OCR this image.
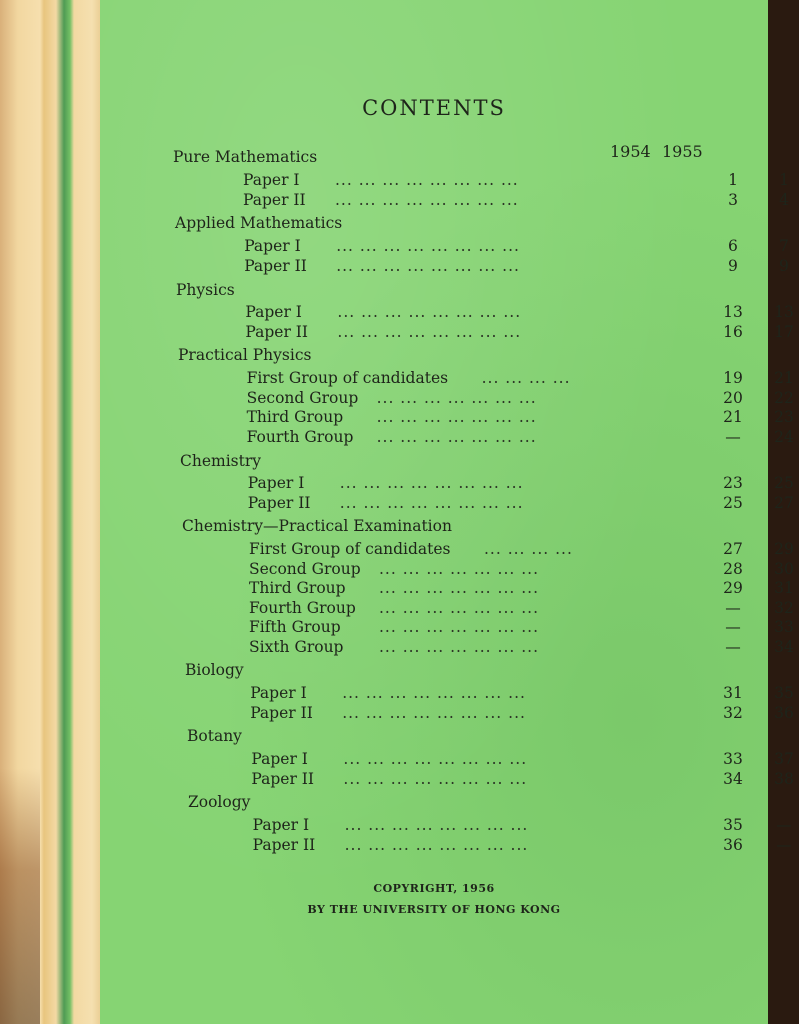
CONTENTS
1954 1955
Pure Mathematics
Paper I ... ... ... ... ... ... ... ...	1	1
Paper II ... ... ... ... ... ... ... ...	3	4
Applied Mathematics
Paper I ... ... ... ... ... ... ... ...	6	7
Paper II ... ... ... ... ... ... ... ...	9	9
Physics
Paper I ... ... ... ... ... ... ... ...	13	13
Paper II ... ... ... ... ... ... ... ...	16	17
Practical Physics
First Group of candidates ... ... ... ...	19	21
Second Group ... ... ... ... ... ... ...	20	22
Third Group ... ... ... ... ... ... ...	21	23
Fourth Group ... ... ... ... ... ... ...	—	24
Chemistry
Paper I ... ... ... ... ... ... ... ...	23	25
Paper II ... ... ... ... ... ... ... ...	25	27
Chemistry—Practical Examination
First Group of candidates ... ... ... ...	27	29
Second Group ... ... ... ... ... ... ...	28	30
Third Group ... ... ... ... ... ... ...	29	31
Fourth Group ... ... ... ... ... ... ...	—	32
Fifth Group ... ... ... ... ... ... ...	—	33
Sixth Group ... ... ... ... ... ... ...	—	34
Biology
Paper I ... ... ... ... ... ... ... ...	31	35
Paper II ... ... ... ... ... ... ... ...	32	36
Botany
Paper I ... ... ... ... ... ... ... ...	33	37
Paper II ... ... ... ... ... ... ... ...	34	38
Zoology
Paper I ... ... ... ... ... ... ... ...	35	—
Paper II ... ... ... ... ... ... ... ...	36	—
COPYRIGHT, 1956
BY THE UNIVERSITY OF HONG KONG
